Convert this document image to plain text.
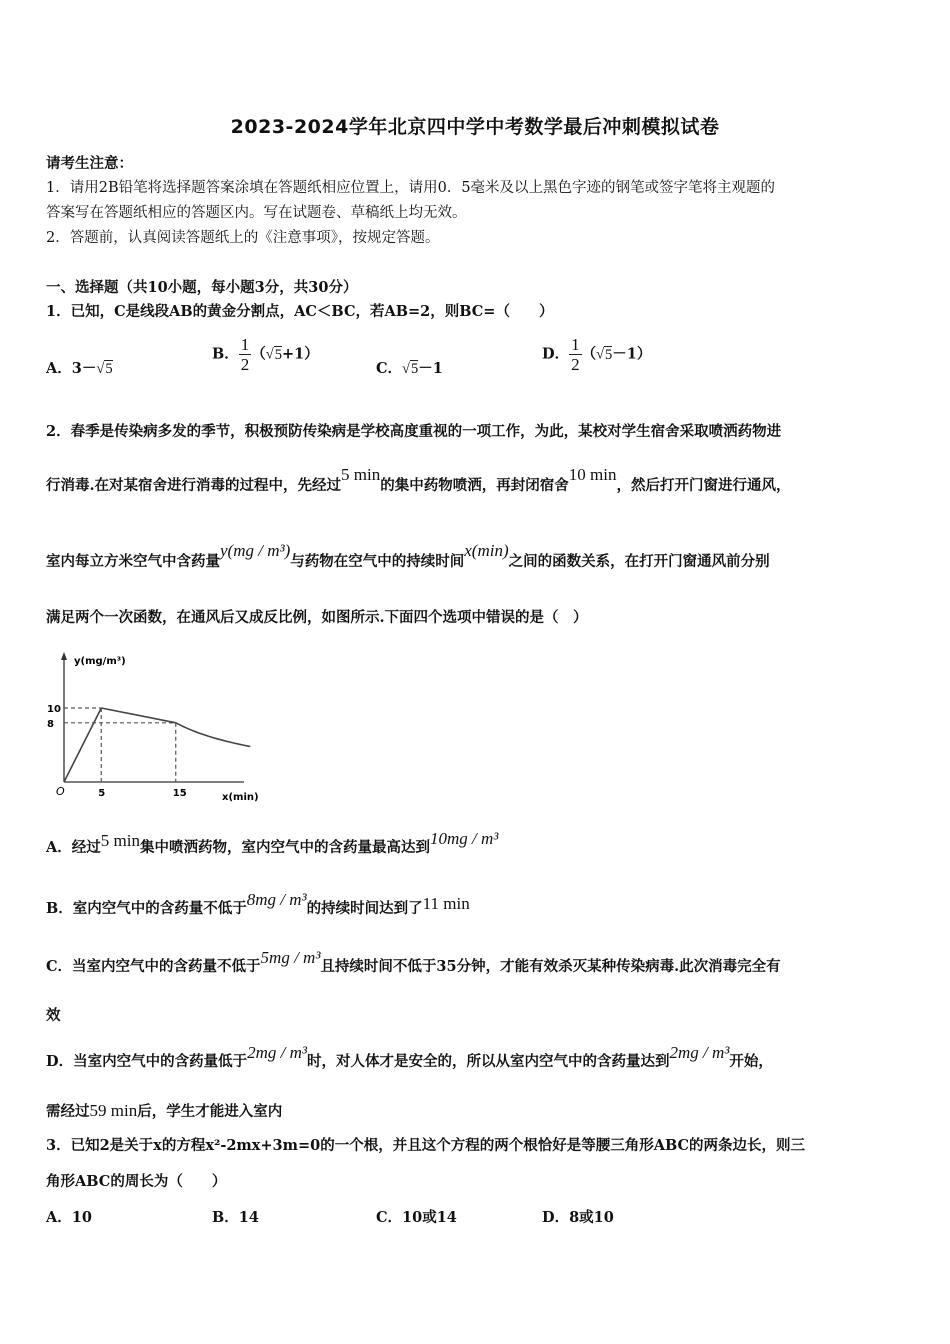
2023-2024学年北京四中学中考数学最后冲刺模拟试卷
请考生注意：
1．请用2B铅笔将选择题答案涂填在答题纸相应位置上，请用0．5毫米及以上黑色字迹的钢笔或签字笔将主观题的
答案写在答题纸相应的答题区内。写在试题卷、草稿纸上均无效。
2．答题前，认真阅读答题纸上的《注意事项》，按规定答题。
一、选择题（共10小题，每小题3分，共30分）
1．已知，C是线段AB的黄金分割点，AC＜BC，若AB=2，则BC=（　　）
A．3－√5
B． $\frac{1}{2} (√5+1)$
C．√5－1
D． $\frac{1}{2} (√5-1)$
2．春季是传染病多发的季节，积极预防传染病是学校高度重视的一项工作，为此，某校对学生宿舍采取喷洒药物进
行消毒.在对某宿舍进行消毒的过程中，先经过5 min的集中药物喷洒，再封闭宿舍10 min，然后打开门窗进行通风，
室内每立方米空气中含药量y(mg / m³)与药物在空气中的持续时间x(min)之间的函数关系，在打开门窗通风前分别
满足两个一次函数，在通风后又成反比例，如图所示.下面四个选项中错误的是（　）
y(mg/m³)
x(min)
O	5	15
10
8
A．经过5 min集中喷洒药物，室内空气中的含药量最高达到10mg / m³
B．室内空气中的含药量不低于8mg / m³的持续时间达到了11 min
C．当室内空气中的含药量不低于5mg / m³且持续时间不低于35分钟，才能有效杀灭某种传染病毒.此次消毒完全有
效
D．当室内空气中的含药量低于2mg / m³时，对人体才是安全的，所以从室内空气中的含药量达到2mg / m³开始，
需经过59 min后，学生才能进入室内
3．已知2是关于x的方程x²-2mx+3m=0的一个根，并且这个方程的两个根恰好是等腰三角形ABC的两条边长，则三
角形ABC的周长为（　　）
A．10	B．14	C．10或14	D．8或10
